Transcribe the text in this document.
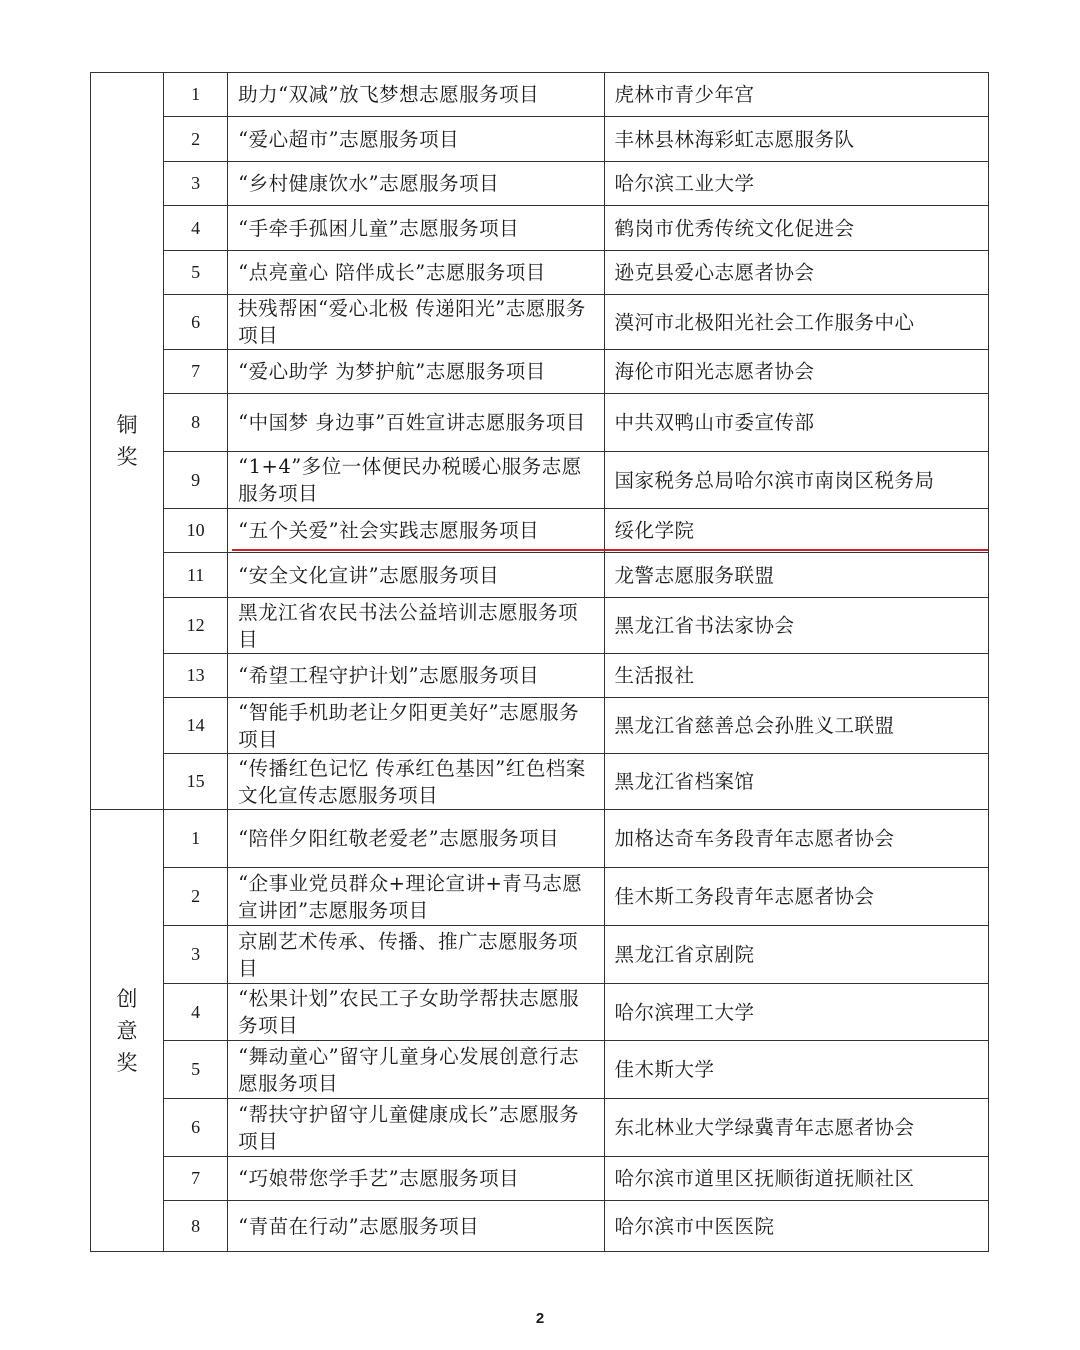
铜奖	1	助力“双减”放飞梦想志愿服务项目	虎林市青少年宫
	2	“爱心超市”志愿服务项目	丰林县林海彩虹志愿服务队
	3	“乡村健康饮水”志愿服务项目	哈尔滨工业大学
	4	“手牵手孤困儿童”志愿服务项目	鹤岗市优秀传统文化促进会
	5	“点亮童心 陪伴成长”志愿服务项目	逊克县爱心志愿者协会
	6	扶残帮困“爱心北极 传递阳光”志愿服务项目	漠河市北极阳光社会工作服务中心
	7	“爱心助学 为梦护航”志愿服务项目	海伦市阳光志愿者协会
	8	“中国梦 身边事”百姓宣讲志愿服务项目	中共双鸭山市委宣传部
	9	“1+4”多位一体便民办税暖心服务志愿服务项目	国家税务总局哈尔滨市南岗区税务局
	10	“五个关爱”社会实践志愿服务项目	绥化学院
	11	“安全文化宣讲”志愿服务项目	龙警志愿服务联盟
	12	黑龙江省农民书法公益培训志愿服务项目	黑龙江省书法家协会
	13	“希望工程守护计划”志愿服务项目	生活报社
	14	“智能手机助老让夕阳更美好”志愿服务项目	黑龙江省慈善总会孙胜义工联盟
	15	“传播红色记忆 传承红色基因”红色档案文化宣传志愿服务项目	黑龙江省档案馆
创意奖	1	“陪伴夕阳红敬老爱老”志愿服务项目	加格达奇车务段青年志愿者协会
	2	“企事业党员群众+理论宣讲+青马志愿宣讲团”志愿服务项目	佳木斯工务段青年志愿者协会
	3	京剧艺术传承、传播、推广志愿服务项目	黑龙江省京剧院
	4	“松果计划”农民工子女助学帮扶志愿服务项目	哈尔滨理工大学
	5	“舞动童心”留守儿童身心发展创意行志愿服务项目	佳木斯大学
	6	“帮扶守护留守儿童健康成长”志愿服务项目	东北林业大学绿冀青年志愿者协会
	7	“巧娘带您学手艺”志愿服务项目	哈尔滨市道里区抚顺街道抚顺社区
	8	“青苗在行动”志愿服务项目	哈尔滨市中医医院
2
